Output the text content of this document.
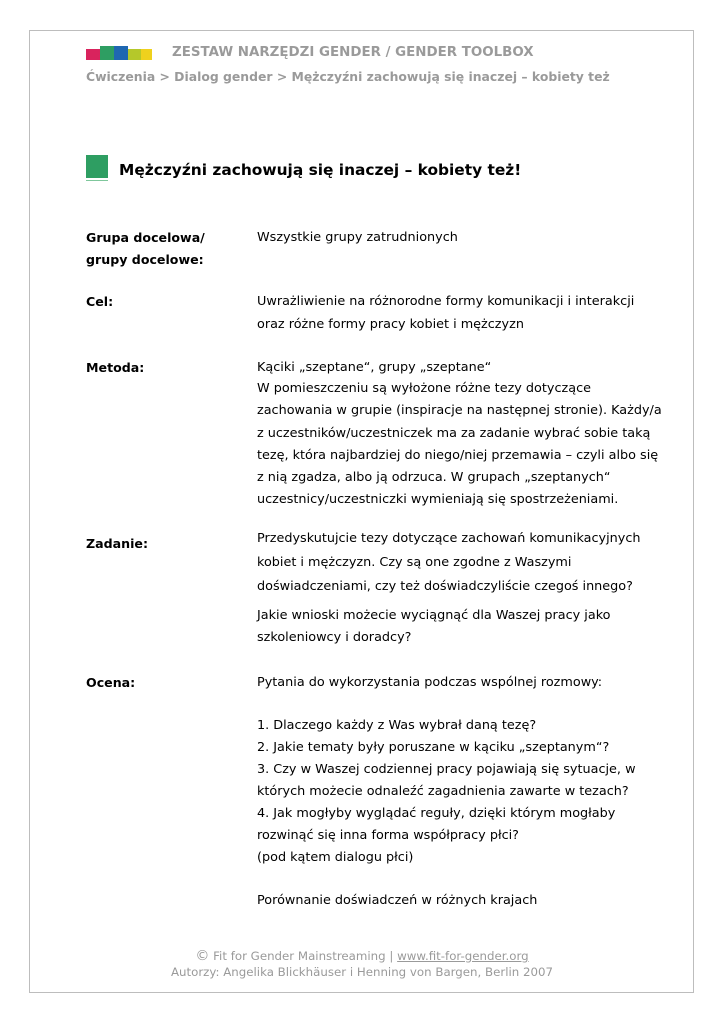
ZESTAW NARZĘDZI GENDER / GENDER TOOLBOX
Ćwiczenia > Dialog gender > Mężczyźni zachowują się inaczej – kobiety też
Mężczyźni zachowują się inaczej – kobiety też!
Grupa docelowa/
grupy docelowe:
Wszystkie grupy zatrudnionych
Cel:	Uwrażliwienie na różnorodne formy komunikacji i interakcji
oraz różne formy pracy kobiet i mężczyzn
Metoda:	Kąciki „szeptane“, grupy „szeptane“
W pomieszczeniu są wyłożone różne tezy dotyczące
zachowania w grupie (inspiracje na następnej stronie). Każdy/a
z uczestników/uczestniczek ma za zadanie wybrać sobie taką
tezę, która najbardziej do niego/niej przemawia – czyli albo się
z nią zgadza, albo ją odrzuca. W grupach „szeptanych“
uczestnicy/uczestniczki wymieniają się spostrzeżeniami.
Zadanie:	Przedyskutujcie tezy dotyczące zachowań komunikacyjnych
kobiet i mężczyzn. Czy są one zgodne z Waszymi
doświadczeniami, czy też doświadczyliście czegoś innego?
Jakie wnioski możecie wyciągnąć dla Waszej pracy jako
szkoleniowcy i doradcy?
Ocena:	Pytania do wykorzystania podczas wspólnej rozmowy:
1. Dlaczego każdy z Was wybrał daną tezę?
2. Jakie tematy były poruszane w kąciku „szeptanym“?
3. Czy w Waszej codziennej pracy pojawiają się sytuacje, w
których możecie odnaleźć zagadnienia zawarte w tezach?
4. Jak mogłyby wyglądać reguły, dzięki którym mogłaby
rozwinąć się inna forma współpracy płci?
(pod kątem dialogu płci)
Porównanie doświadczeń w różnych krajach
© Fit for Gender Mainstreaming | www.fit-for-gender.org
Autorzy: Angelika Blickhäuser i Henning von Bargen, Berlin 2007
